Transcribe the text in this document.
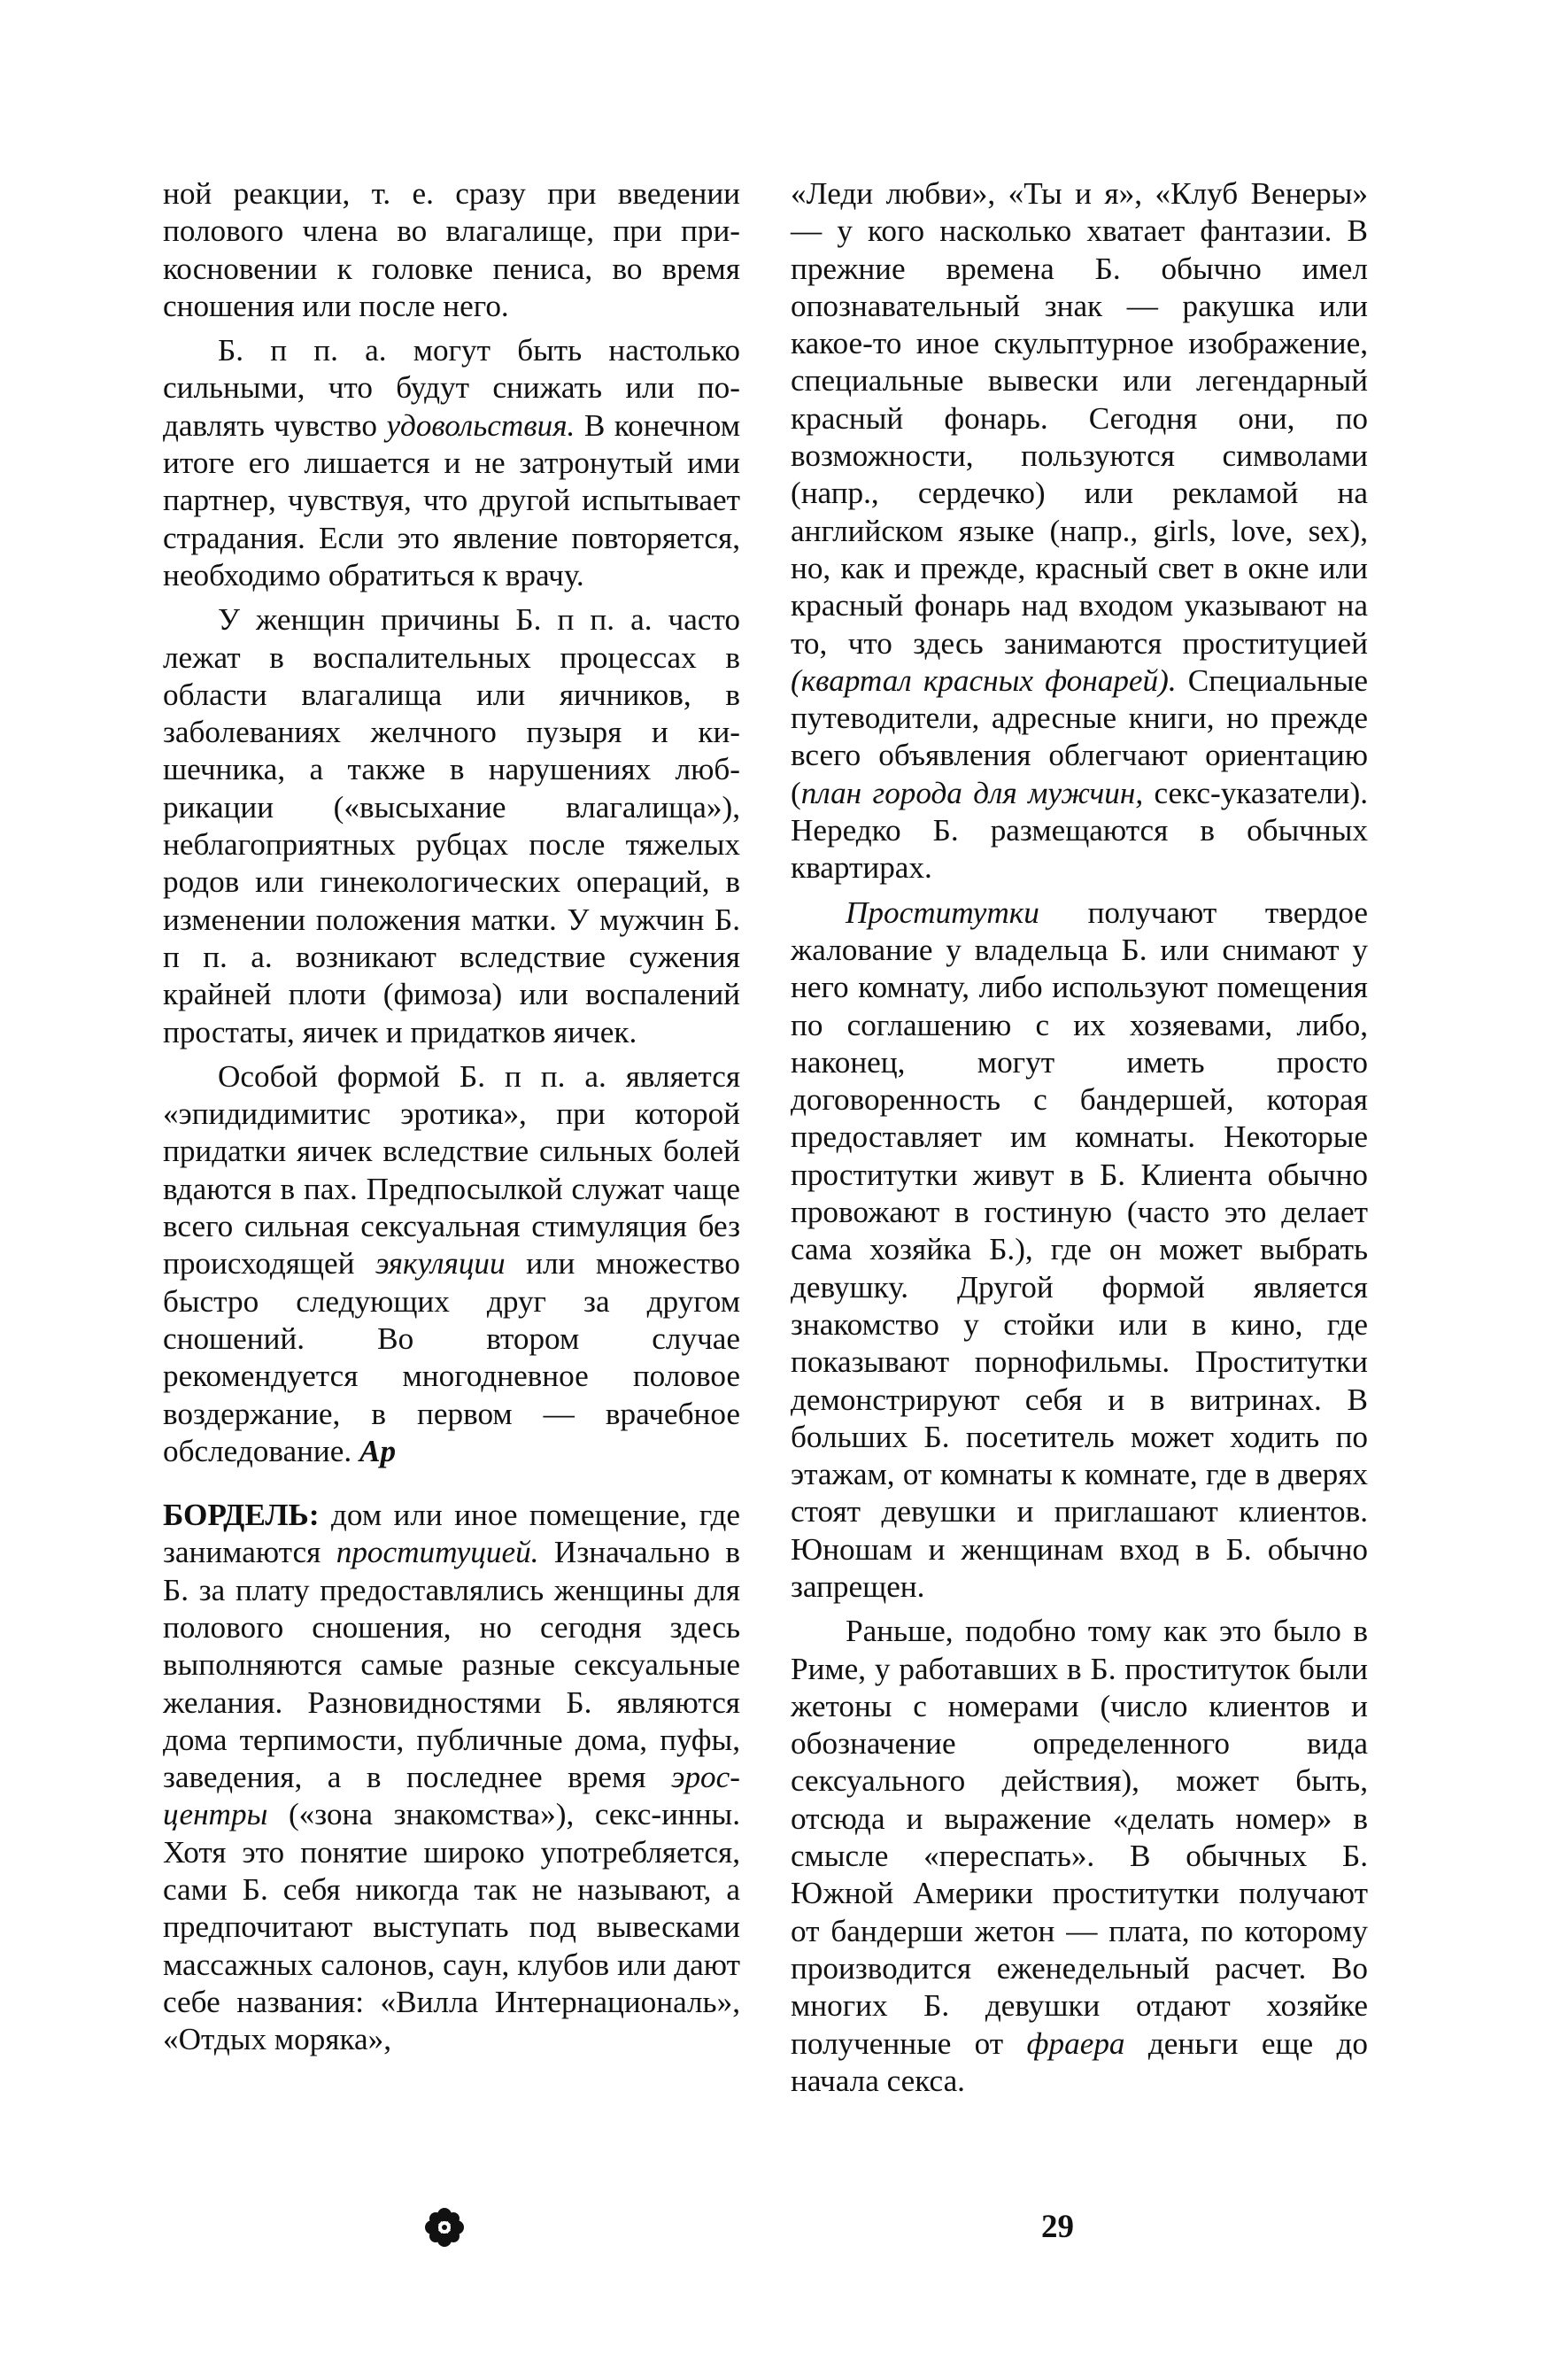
ной реакции, т. е. сразу при введении полового члена во влагалище, при прикосновении к головке пениса, во время сношения или после него.

Б. п п. а. могут быть настолько сильными, что будут снижать или подавлять чувство удовольствия. В конечном итоге его лишается и не затронутый ими партнер, чувствуя, что другой испытывает страдания. Если это явление повторяется, необходимо обратиться к врачу.

У женщин причины Б. п п. а. часто лежат в воспалительных процессах в области влагалища или яичников, в заболеваниях желчного пузыря и кишечника, а также в нарушениях любрикации («высыхание влагалища»), неблагоприятных рубцах после тяжелых родов или гинекологических операций, в изменении положения матки. У мужчин Б. п п. а. возникают вследствие сужения крайней плоти (фимоза) или воспалений простаты, яичек и придатков яичек.

Особой формой Б. п п. а. является «эпидидимитис эротика», при которой придатки яичек вследствие сильных болей вдаются в пах. Предпосылкой служат чаще всего сильная сексуальная стимуляция без происходящей эякуляции или множество быстро следующих друг за другом сношений. Во втором случае рекомендуется многодневное половое воздержание, в первом — врачебное обследование. Ар

БОРДЕЛЬ: дом или иное помещение, где занимаются проституцией. Изначально в Б. за плату предоставлялись женщины для полового сношения, но сегодня здесь выполняются самые разные сексуальные желания. Разновидностями Б. являются дома терпимости, публичные дома, пуфы, заведения, а в последнее время эрос-центры («зона знакомства»), секс-инны. Хотя это понятие широко употребляется, сами Б. себя никогда так не называют, а предпочитают выступать под вывесками массажных салонов, саун, клубов или дают себе названия: «Вилла Интернациональ», «Отдых моряка»,

«Леди любви», «Ты и я», «Клуб Венеры» — у кого насколько хватает фантазии. В прежние времена Б. обычно имел опознавательный знак — ракушка или какое-то иное скульптурное изображение, специальные вывески или легендарный красный фонарь. Сегодня они, по возможности, пользуются символами (напр., сердечко) или рекламой на английском языке (напр., girls, love, sex), но, как и прежде, красный свет в окне или красный фонарь над входом указывают на то, что здесь занимаются проституцией (квартал красных фонарей). Специальные путеводители, адресные книги, но прежде всего объявления облегчают ориентацию (план города для мужчин, секс-указатели). Нередко Б. размещаются в обычных квартирах.

Проститутки получают твердое жалование у владельца Б. или снимают у него комнату, либо используют помещения по соглашению с их хозяевами, либо, наконец, могут иметь просто договоренность с бандершей, которая предоставляет им комнаты. Некоторые проститутки живут в Б. Клиента обычно провожают в гостиную (часто это делает сама хозяйка Б.), где он может выбрать девушку. Другой формой является знакомство у стойки или в кино, где показывают порнофильмы. Проститутки демонстрируют себя и в витринах. В больших Б. посетитель может ходить по этажам, от комнаты к комнате, где в дверях стоят девушки и приглашают клиентов. Юношам и женщинам вход в Б. обычно запрещен.

Раньше, подобно тому как это было в Риме, у работавших в Б. проституток были жетоны с номерами (число клиентов и обозначение определенного вида сексуального действия), может быть, отсюда и выражение «делать номер» в смысле «переспать». В обычных Б. Южной Америки проститутки получают от бандерши жетон — плата, по которому производится еженeдельный расчет. Во многих Б. девушки отдают хозяйке полученные от фраера деньги еще до начала секса.

29
